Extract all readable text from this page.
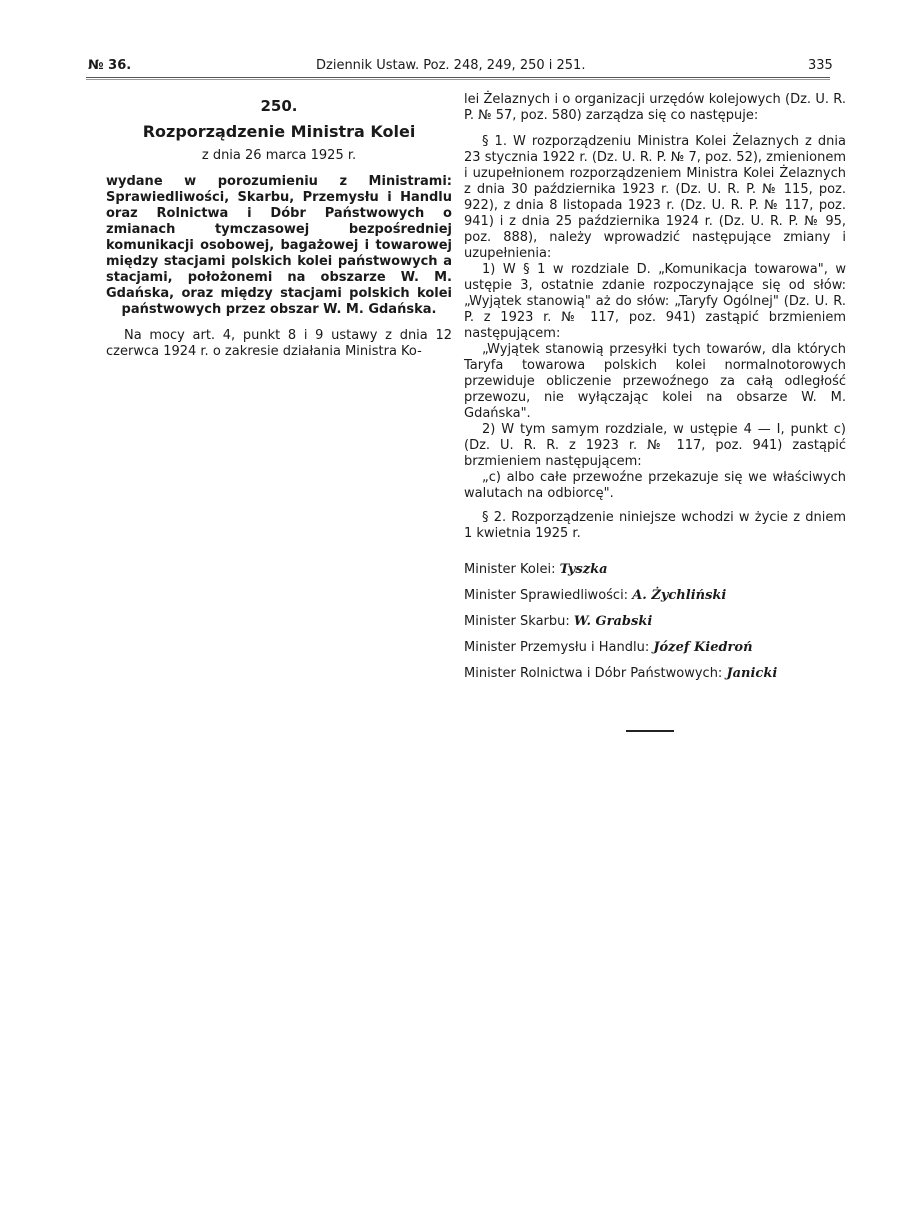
№ 36.	Dziennik Ustaw. Poz. 248, 249, 250 i 251.	335
250.
Rozporządzenie Ministra Kolei
z dnia 26 marca 1925 r.
wydane w porozumieniu z Ministrami: Sprawiedliwości, Skarbu, Przemysłu i Handlu oraz Rolnictwa i Dóbr Państwowych o zmianach tymczasowej bezpośredniej komunikacji osobowej, bagażowej i towarowej między stacjami polskich kolei państwowych a stacjami, położonemi na obszarze W. M. Gdańska, oraz między stacjami polskich kolei państwowych przez obszar W. M. Gdańska.
Na mocy art. 4, punkt 8 i 9 ustawy z dnia 12 czerwca 1924 r. o zakresie działania Ministra Ko-
lei Żelaznych i o organizacji urzędów kolejowych (Dz. U. R. P. № 57, poz. 580) zarządza się co następuje:
§ 1. W rozporządzeniu Ministra Kolei Żelaznych z dnia 23 stycznia 1922 r. (Dz. U. R. P. № 7, poz. 52), zmienionem i uzupełnionem rozporządzeniem Ministra Kolei Żelaznych z dnia 30 października 1923 r. (Dz. U. R. P. № 115, poz. 922), z dnia 8 listopada 1923 r. (Dz. U. R. P. № 117, poz. 941) i z dnia 25 października 1924 r. (Dz. U. R. P. № 95, poz. 888), należy wprowadzić następujące zmiany i uzupełnienia:
1) W § 1 w rozdziale D. „Komunikacja towarowa", w ustępie 3, ostatnie zdanie rozpoczynające się od słów: „Wyjątek stanowią" aż do słów: „Taryfy Ogólnej" (Dz. U. R. P. z 1923 r. № 117, poz. 941) zastąpić brzmieniem następującem:
„Wyjątek stanowią przesyłki tych towarów, dla których Taryfa towarowa polskich kolei normalnotorowych przewiduje obliczenie przewoźnego za całą odległość przewozu, nie wyłączając kolei na obsarze W. M. Gdańska".
2) W tym samym rozdziale, w ustępie 4 — I, punkt c) (Dz. U. R. R. z 1923 r. № 117, poz. 941) zastąpić brzmieniem następującem:
„c) albo całe przewoźne przekazuje się we właściwych walutach na odbiorcę".
§ 2. Rozporządzenie niniejsze wchodzi w życie z dniem 1 kwietnia 1925 r.
Minister Kolei: Tyszka
Minister Sprawiedliwości: A. Żychliński
Minister Skarbu: W. Grabski
Minister Przemysłu i Handlu: Józef Kiedroń
Minister Rolnictwa i Dóbr Państwowych: Janicki
